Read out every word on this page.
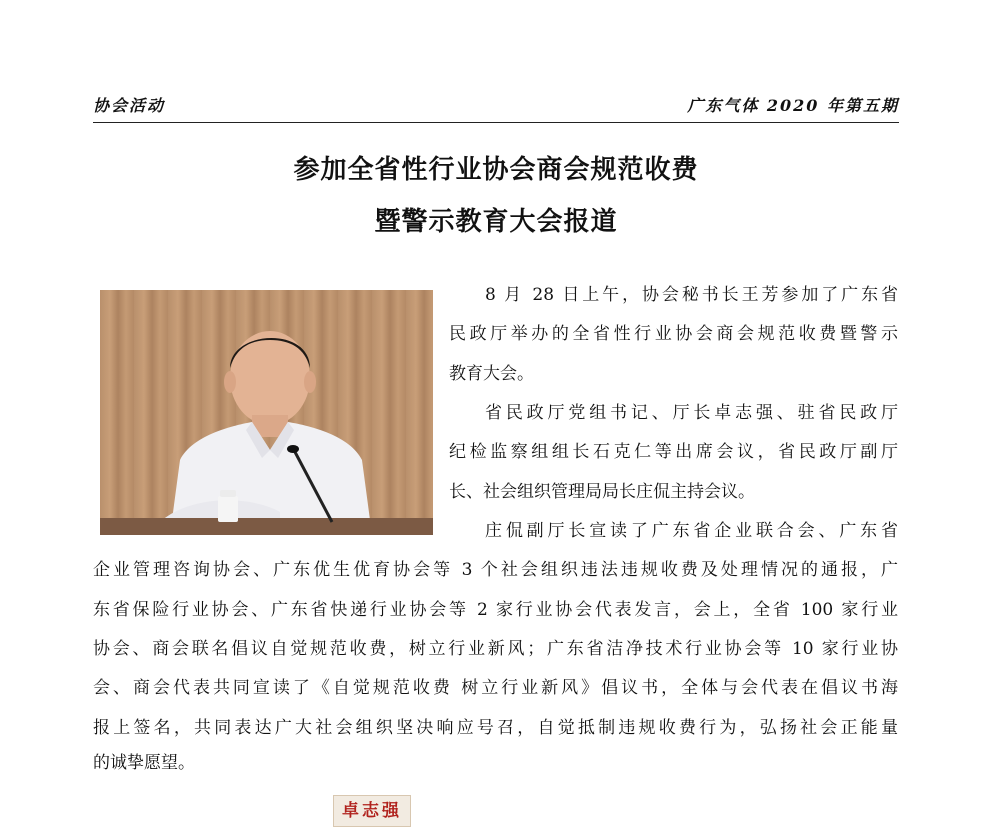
协会活动	广东气体 2020 年第五期
参加全省性行业协会商会规范收费
暨警示教育大会报道
卓志强
8 月 28 日上午，协会秘书长王芳参加了广东省
民政厅举办的全省性行业协会商会规范收费暨警示
教育大会。
省民政厅党组书记、厅长卓志强、驻省民政厅
纪检监察组组长石克仁等出席会议，省民政厅副厅
长、社会组织管理局局长庄侃主持会议。
庄侃副厅长宣读了广东省企业联合会、广东省
企业管理咨询协会、广东优生优育协会等 3 个社会组织违法违规收费及处理情况的通报，广
东省保险行业协会、广东省快递行业协会等 2 家行业协会代表发言，会上，全省 100 家行业
协会、商会联名倡议自觉规范收费，树立行业新风；广东省洁净技术行业协会等 10 家行业协
会、商会代表共同宣读了《自觉规范收费 树立行业新风》倡议书，全体与会代表在倡议书海
报上签名，共同表达广大社会组织坚决响应号召，自觉抵制违规收费行为，弘扬社会正能量
的诚挚愿望。
